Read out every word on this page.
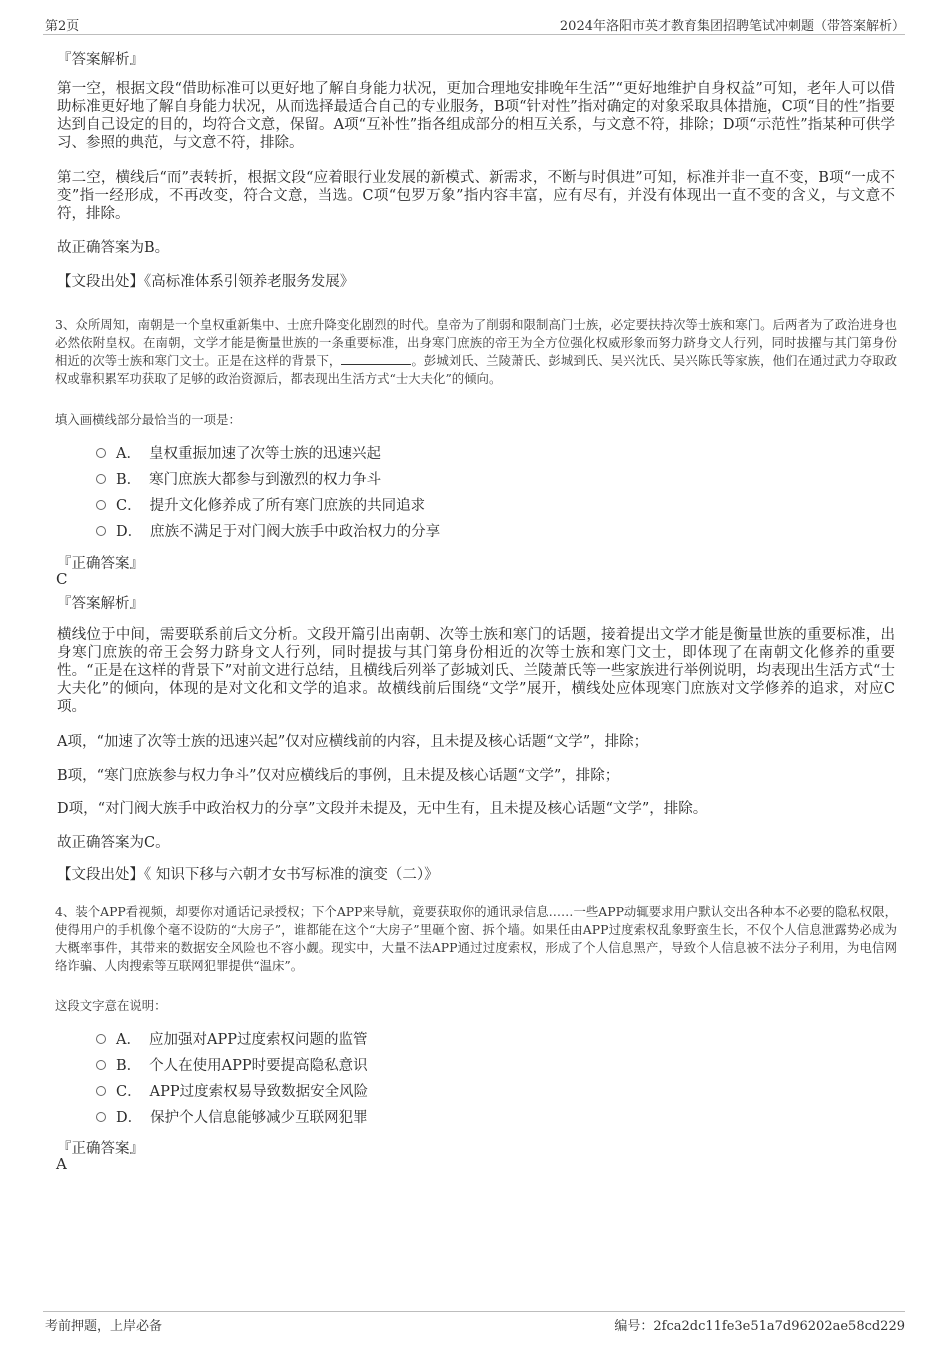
第2页	2024年洛阳市英才教育集团招聘笔试冲刺题（带答案解析）
『答案解析』
第一空，根据文段“借助标准可以更好地了解自身能力状况，更加合理地安排晚年生活”“更好地维护自身权益”可知，老年人可以借助标准更好地了解自身能力状况，从而选择最适合自己的专业服务，B项“针对性”指对确定的对象采取具体措施，C项“目的性”指要达到自己设定的目的，均符合文意，保留。A项“互补性”指各组成部分的相互关系，与文意不符，排除；D项“示范性”指某种可供学习、参照的典范，与文意不符，排除。
第二空，横线后“而”表转折，根据文段“应着眼行业发展的新模式、新需求，不断与时俱进”可知，标准并非一直不变，B项“一成不变”指一经形成，不再改变，符合文意，当选。C项“包罗万象”指内容丰富，应有尽有，并没有体现出一直不变的含义，与文意不符，排除。
故正确答案为B。
【文段出处】《高标准体系引领养老服务发展》
3、众所周知，南朝是一个皇权重新集中、士庶升降变化剧烈的时代。皇帝为了削弱和限制高门士族，必定要扶持次等士族和寒门。后两者为了政治进身也必然依附皇权。在南朝，文学才能是衡量世族的一条重要标准，出身寒门庶族的帝王为全方位强化权威形象而努力跻身文人行列，同时拔擢与其门第身份相近的次等士族和寒门文士。正是在这样的背景下，	。彭城刘氏、兰陵萧氏、彭城到氏、吴兴沈氏、吴兴陈氏等家族，他们在通过武力夺取政权或靠积累军功获取了足够的政治资源后，都表现出生活方式“士大夫化”的倾向。
填入画横线部分最恰当的一项是：
A． 皇权重振加速了次等士族的迅速兴起
B． 寒门庶族大都参与到激烈的权力争斗
C． 提升文化修养成了所有寒门庶族的共同追求
D． 庶族不满足于对门阀大族手中政治权力的分享
『正确答案』
C
『答案解析』
横线位于中间，需要联系前后文分析。文段开篇引出南朝、次等士族和寒门的话题，接着提出文学才能是衡量世族的重要标准，出身寒门庶族的帝王会努力跻身文人行列，同时提拔与其门第身份相近的次等士族和寒门文士，即体现了在南朝文化修养的重要性。“正是在这样的背景下”对前文进行总结，且横线后列举了彭城刘氏、兰陵萧氏等一些家族进行举例说明，均表现出生活方式“士大夫化”的倾向，体现的是对文化和文学的追求。故横线前后围绕“文学”展开，横线处应体现寒门庶族对文学修养的追求，对应C项。
A项，“加速了次等士族的迅速兴起”仅对应横线前的内容，且未提及核心话题“文学”，排除；
B项，“寒门庶族参与权力争斗”仅对应横线后的事例，且未提及核心话题“文学”，排除；
D项，“对门阀大族手中政治权力的分享”文段并未提及，无中生有，且未提及核心话题“文学”，排除。
故正确答案为C。
【文段出处】《 知识下移与六朝才女书写标准的演变（二）》
4、装个APP看视频，却要你对通话记录授权；下个APP来导航，竟要获取你的通讯录信息……一些APP动辄要求用户默认交出各种本不必要的隐私权限，使得用户的手机像个毫不设防的“大房子”，谁都能在这个“大房子”里砸个窗、拆个墙。如果任由APP过度索权乱象野蛮生长，不仅个人信息泄露势必成为大概率事件，其带来的数据安全风险也不容小觑。现实中，大量不法APP通过过度索权，形成了个人信息黑产，导致个人信息被不法分子利用，为电信网络诈骗、人肉搜索等互联网犯罪提供“温床”。
这段文字意在说明：
A． 应加强对APP过度索权问题的监管
B． 个人在使用APP时要提高隐私意识
C． APP过度索权易导致数据安全风险
D． 保护个人信息能够减少互联网犯罪
『正确答案』
A
考前押题，上岸必备	编号：2fca2dc11fe3e51a7d96202ae58cd229
